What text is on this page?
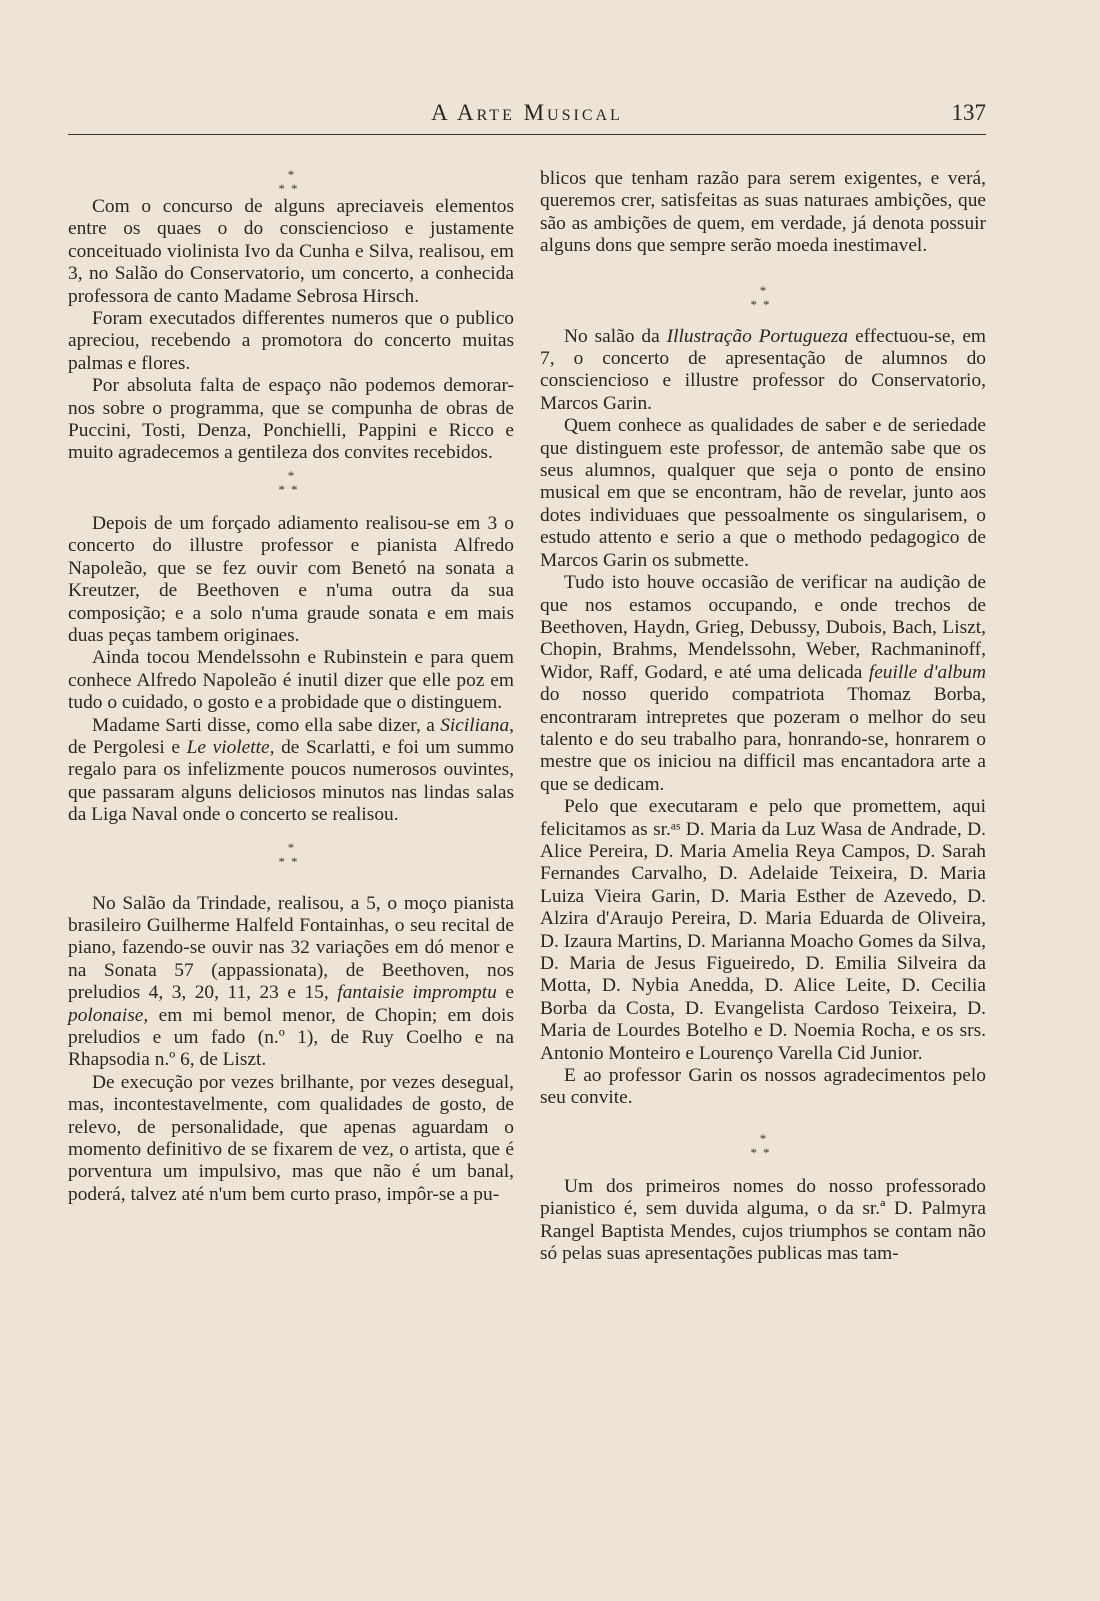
A Arte Musical	137
*
**

Com o concurso de alguns apreciaveis elementos entre os quaes o do consciencioso e justamente conceituado violinista Ivo da Cunha e Silva, realisou, em 3, no Salão do Conservatorio, um concerto, a conhecida professora de canto Madame Sebrosa Hirsch.

Foram executados differentes numeros que o publico apreciou, recebendo a promotora do concerto muitas palmas e flores.

Por absoluta falta de espaço não podemos demorar-nos sobre o programma, que se compunha de obras de Puccini, Tosti, Denza, Ponchielli, Pappini e Ricco e muito agradecemos a gentileza dos convites recebidos.

*
**

Depois de um forçado adiamento realisou-se em 3 o concerto do illustre professor e pianista Alfredo Napoleão, que se fez ouvir com Benetó na sonata a Kreutzer, de Beethoven e n'uma outra da sua composição; e a solo n'uma graude sonata e em mais duas peças tambem originaes.

Ainda tocou Mendelssohn e Rubinstein e para quem conhece Alfredo Napoleão é inutil dizer que elle poz em tudo o cuidado, o gosto e a probidade que o distinguem.

Madame Sarti disse, como ella sabe dizer, a Siciliana, de Pergolesi e Le violette, de Scarlatti, e foi um summo regalo para os infelizmente poucos numerosos ouvintes, que passaram alguns deliciosos minutos nas lindas salas da Liga Naval onde o concerto se realisou.

*
**

No Salão da Trindade, realisou, a 5, o moço pianista brasileiro Guilherme Halfeld Fontainhas, o seu recital de piano, fazendo-se ouvir nas 32 variações em dó menor e na Sonata 57 (appassionata), de Beethoven, nos preludios 4, 3, 20, 11, 23 e 15, fantaisie impromptu e polonaise, em mi bemol menor, de Chopin; em dois preludios e um fado (n.º 1), de Ruy Coelho e na Rhapsodia n.º 6, de Liszt.

De execução por vezes brilhante, por vezes desegual, mas, incontestavelmente, com qualidades de gosto, de relevo, de personalidade, que apenas aguardam o momento definitivo de se fixarem de vez, o artista, que é porventura um impulsivo, mas que não é um banal, poderá, talvez até n'um bem curto praso, impôr-se a pu-

blicos que tenham razão para serem exigentes, e verá, queremos crer, satisfeitas as suas naturaes ambições, que são as ambições de quem, em verdade, já denota possuir alguns dons que sempre serão moeda inestimavel.

*
**

No salão da Illustração Portugueza effectuou-se, em 7, o concerto de apresentação de alumnos do consciencioso e illustre professor do Conservatorio, Marcos Garin.

Quem conhece as qualidades de saber e de seriedade que distinguem este professor, de antemão sabe que os seus alumnos, qualquer que seja o ponto de ensino musical em que se encontram, hão de revelar, junto aos dotes individuaes que pessoalmente os singularisem, o estudo attento e serio a que o methodo pedagogico de Marcos Garin os submette.

Tudo isto houve occasião de verificar na audição de que nos estamos occupando, e onde trechos de Beethoven, Haydn, Grieg, Debussy, Dubois, Bach, Liszt, Chopin, Brahms, Mendelssohn, Weber, Rachmaninoff, Widor, Raff, Godard, e até uma delicada feuille d'album do nosso querido compatriota Thomaz Borba, encontraram intrepretes que pozeram o melhor do seu talento e do seu trabalho para, honrando-se, honrarem o mestre que os iniciou na difficil mas encantadora arte a que se dedicam.

Pelo que executaram e pelo que promettem, aqui felicitamos as sr.ᵃˢ D. Maria da Luz Wasa de Andrade, D. Alice Pereira, D. Maria Amelia Reya Campos, D. Sarah Fernandes Carvalho, D. Adelaide Teixeira, D. Maria Luiza Vieira Garin, D. Maria Esther de Azevedo, D. Alzira d'Araujo Pereira, D. Maria Eduarda de Oliveira, D. Izaura Martins, D. Marianna Moacho Gomes da Silva, D. Maria de Jesus Figueiredo, D. Emilia Silveira da Motta, D. Nybia Anedda, D. Alice Leite, D. Cecilia Borba da Costa, D. Evangelista Cardoso Teixeira, D. Maria de Lourdes Botelho e D. Noemia Rocha, e os srs. Antonio Monteiro e Lourenço Varella Cid Junior.

E ao professor Garin os nossos agradecimentos pelo seu convite.

*
**

Um dos primeiros nomes do nosso professorado pianistico é, sem duvida alguma, o da sr.ª D. Palmyra Rangel Baptista Mendes, cujos triumphos se contam não só pelas suas apresentações publicas mas tam-
